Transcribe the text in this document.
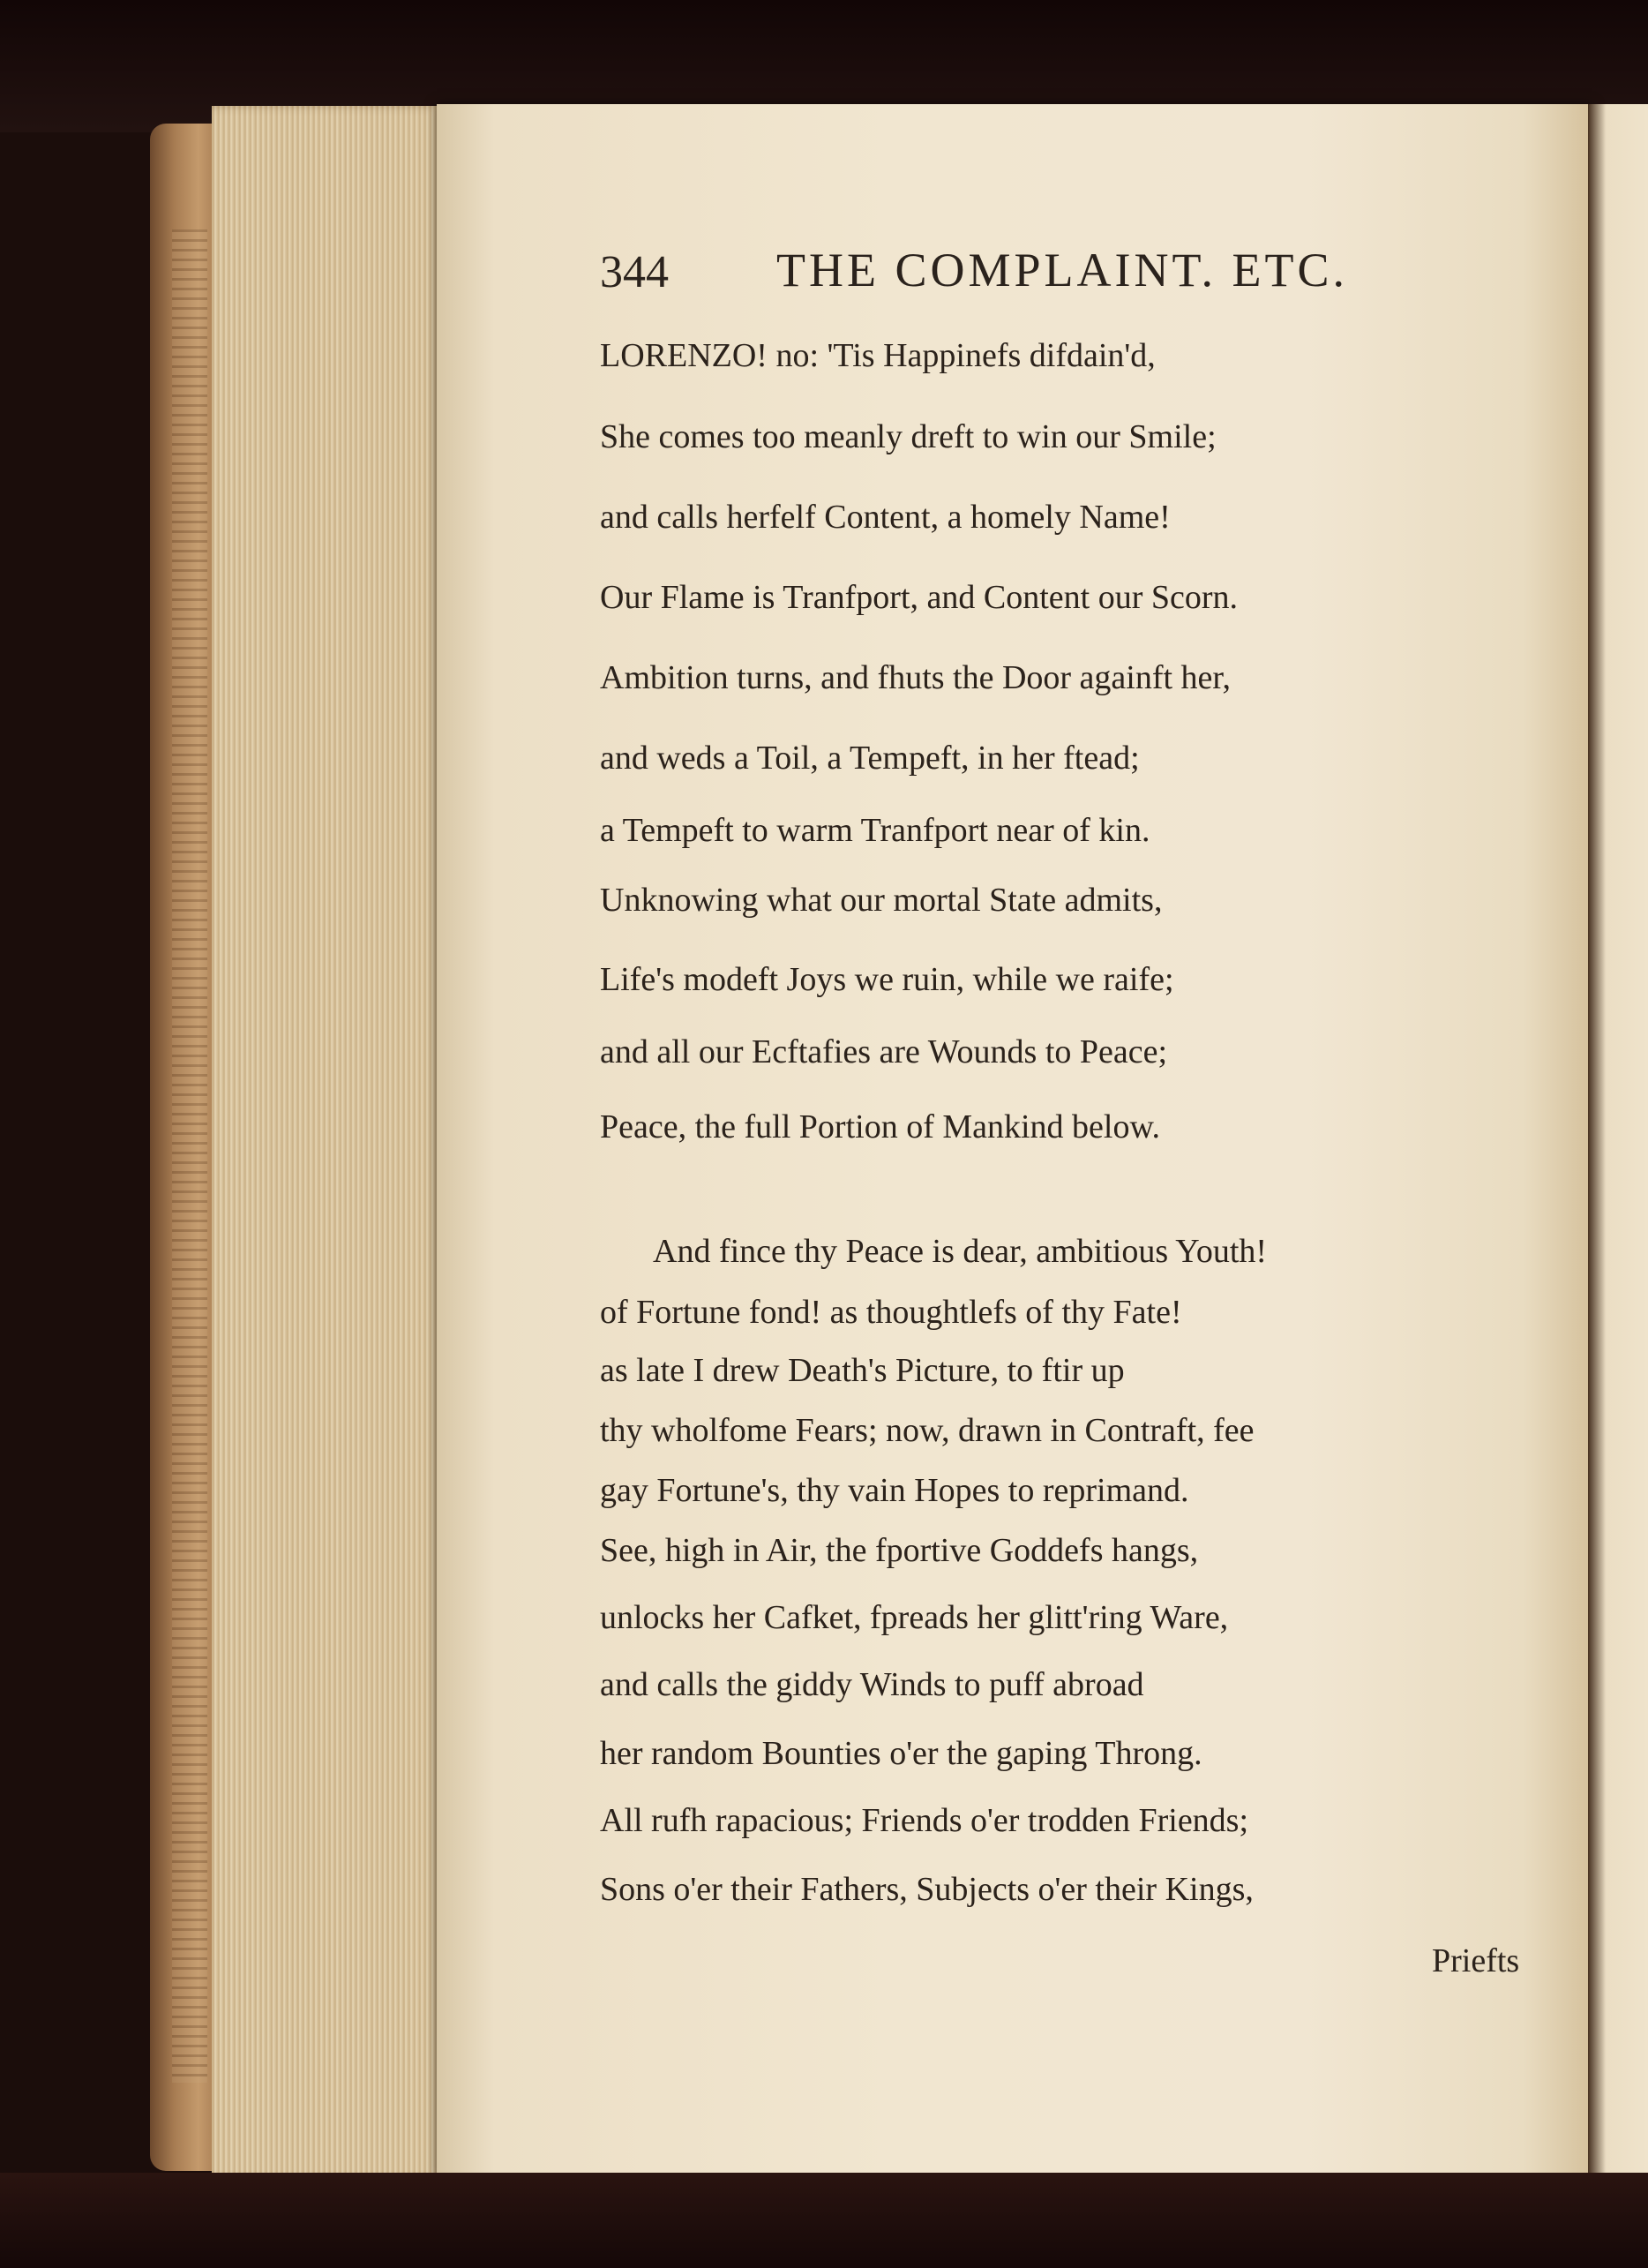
344 THE COMPLAINT. ETC.
LORENZO! no: 'Tis Happinefs difdain'd,
She comes too meanly dreft to win our Smile;
and calls herfelf Content, a homely Name!
Our Flame is Tranfport, and Content our Scorn.
Ambition turns, and fhuts the Door againft her,
and weds a Toil, a Tempeft, in her ftead;
a Tempeft to warm Tranfport near of kin.
Unknowing what our mortal State admits,
Life's modeft Joys we ruin, while we raife;
and all our Ecftafies are Wounds to Peace;
Peace, the full Portion of Mankind below.
And fince thy Peace is dear, ambitious Youth!
of Fortune fond! as thoughtlefs of thy Fate!
as late I drew Death's Picture, to ftir up
thy wholfome Fears; now, drawn in Contraft, fee
gay Fortune's, thy vain Hopes to reprimand.
See, high in Air, the fportive Goddefs hangs,
unlocks her Cafket, fpreads her glitt'ring Ware,
and calls the giddy Winds to puff abroad
her random Bounties o'er the gaping Throng.
All rufh rapacious; Friends o'er trodden Friends;
Sons o'er their Fathers, Subjects o'er their Kings,
Priefts
